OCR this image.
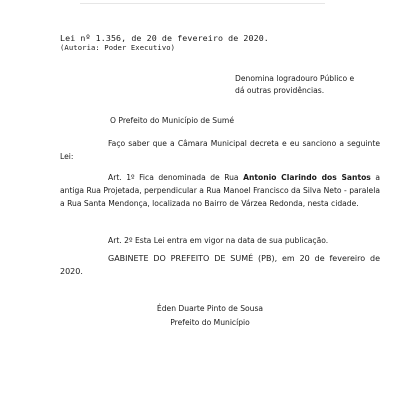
Lei nº 1.356, de 20 de fevereiro de 2020.
(Autoria: Poder Executivo)
Denomina logradouro Público e
dá outras providências.
O Prefeito do Município de Sumé
Faço saber que a Câmara Municipal decreta e eu sanciono a seguinte Lei:
Art. 1º Fica denominada de Rua Antonio Clarindo dos Santos a antiga Rua Projetada, perpendicular a Rua Manoel Francisco da Silva Neto - paralela a Rua Santa Mendonça, localizada no Bairro de Várzea Redonda, nesta cidade.
Art. 2º Esta Lei entra em vigor na data de sua publicação.
GABINETE DO PREFEITO DE SUMÉ (PB), em 20 de fevereiro de 2020.
Éden Duarte Pinto de Sousa
Prefeito do Município
